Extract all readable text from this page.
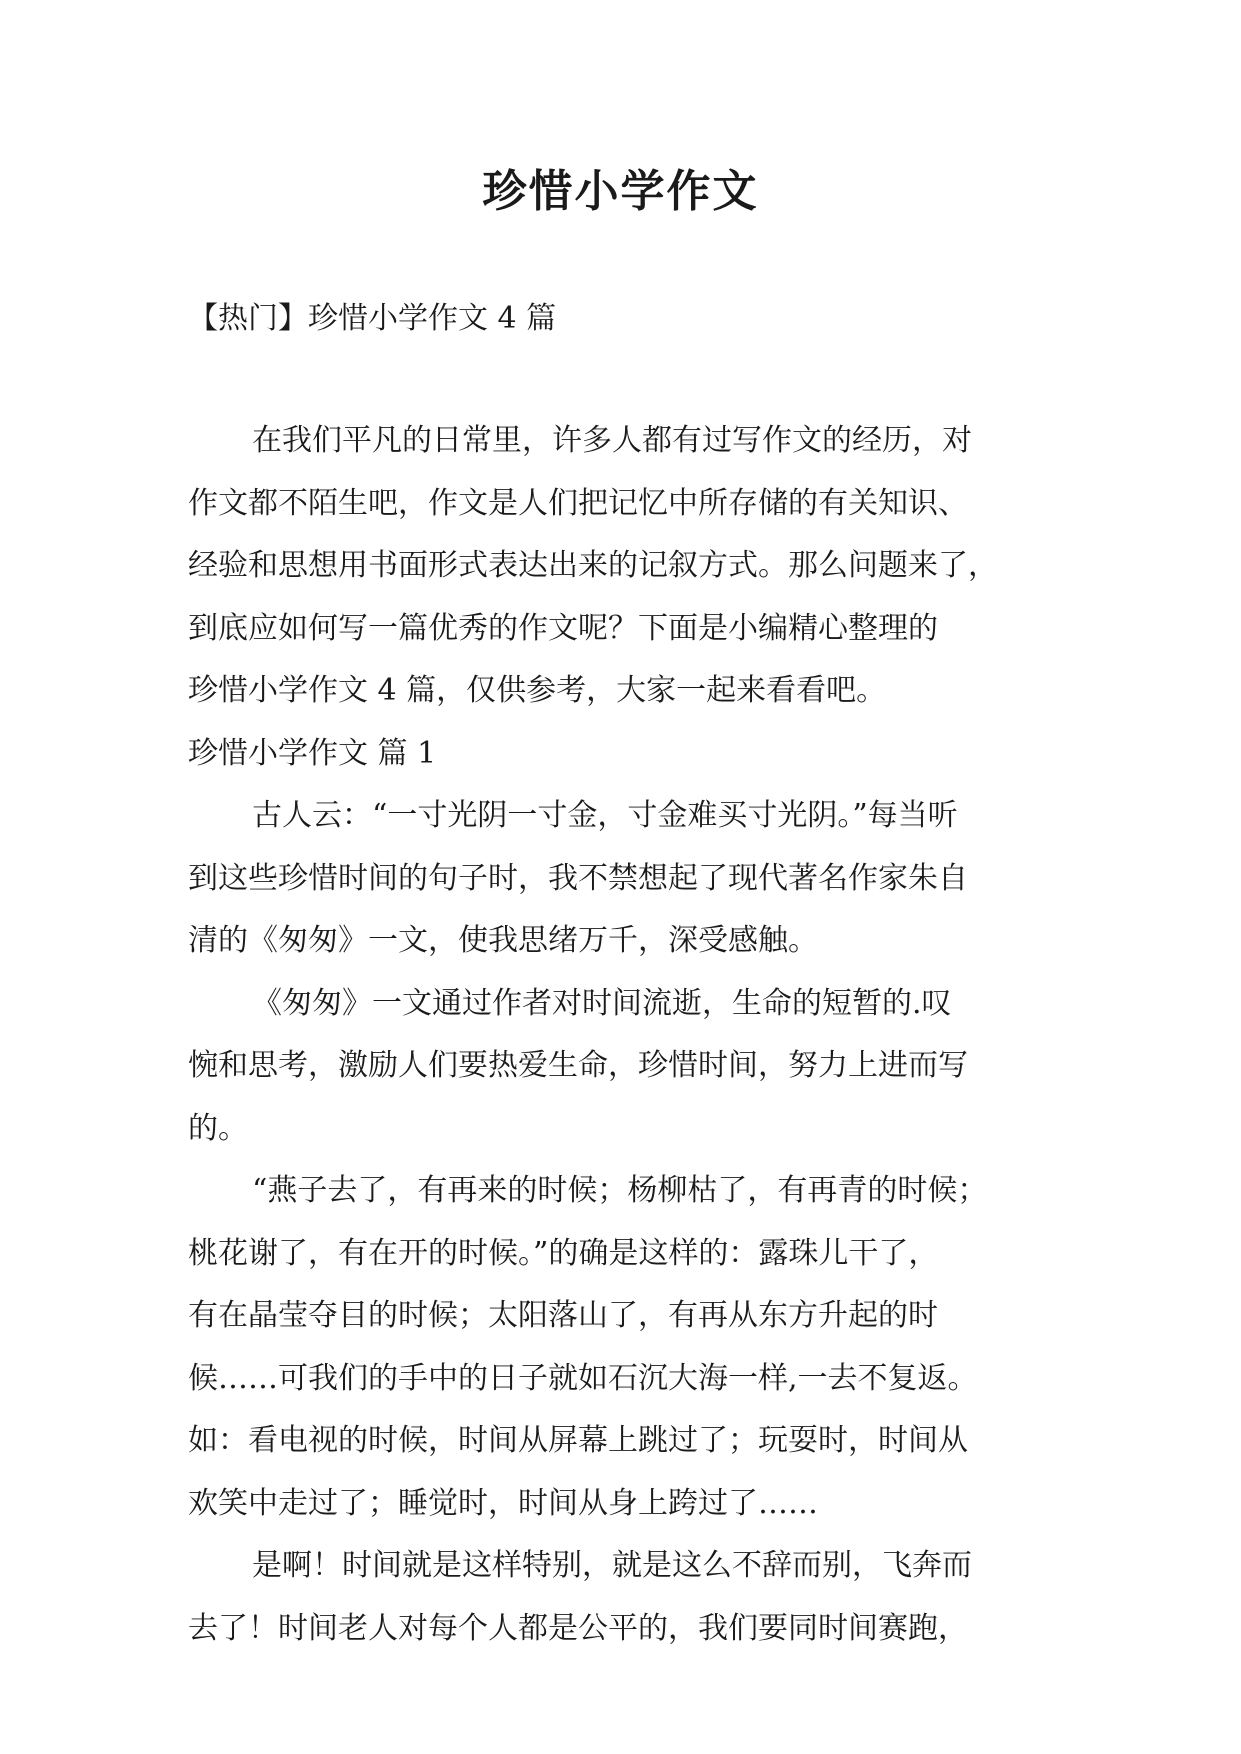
珍惜小学作文
【热门】珍惜小学作文 4 篇
在我们平凡的日常里，许多人都有过写作文的经历，对
作文都不陌生吧，作文是人们把记忆中所存储的有关知识、
经验和思想用书面形式表达出来的记叙方式。那么问题来了，
到底应如何写一篇优秀的作文呢？下面是小编精心整理的
珍惜小学作文 4 篇，仅供参考，大家一起来看看吧。
珍惜小学作文 篇 1
古人云：“一寸光阴一寸金，寸金难买寸光阴。”每当听
到这些珍惜时间的句子时，我不禁想起了现代著名作家朱自
清的《匆匆》一文，使我思绪万千，深受感触。
《匆匆》一文通过作者对时间流逝，生命的短暂的.叹
惋和思考，激励人们要热爱生命，珍惜时间，努力上进而写
的。
“燕子去了，有再来的时候；杨柳枯了，有再青的时候；
桃花谢了，有在开的时候。”的确是这样的：露珠儿干了，
有在晶莹夺目的时候；太阳落山了，有再从东方升起的时
候……可我们的手中的日子就如石沉大海一样,一去不复返。
如：看电视的时候，时间从屏幕上跳过了；玩耍时，时间从
欢笑中走过了；睡觉时，时间从身上跨过了……
是啊！时间就是这样特别，就是这么不辞而别，飞奔而
去了！时间老人对每个人都是公平的，我们要同时间赛跑，
